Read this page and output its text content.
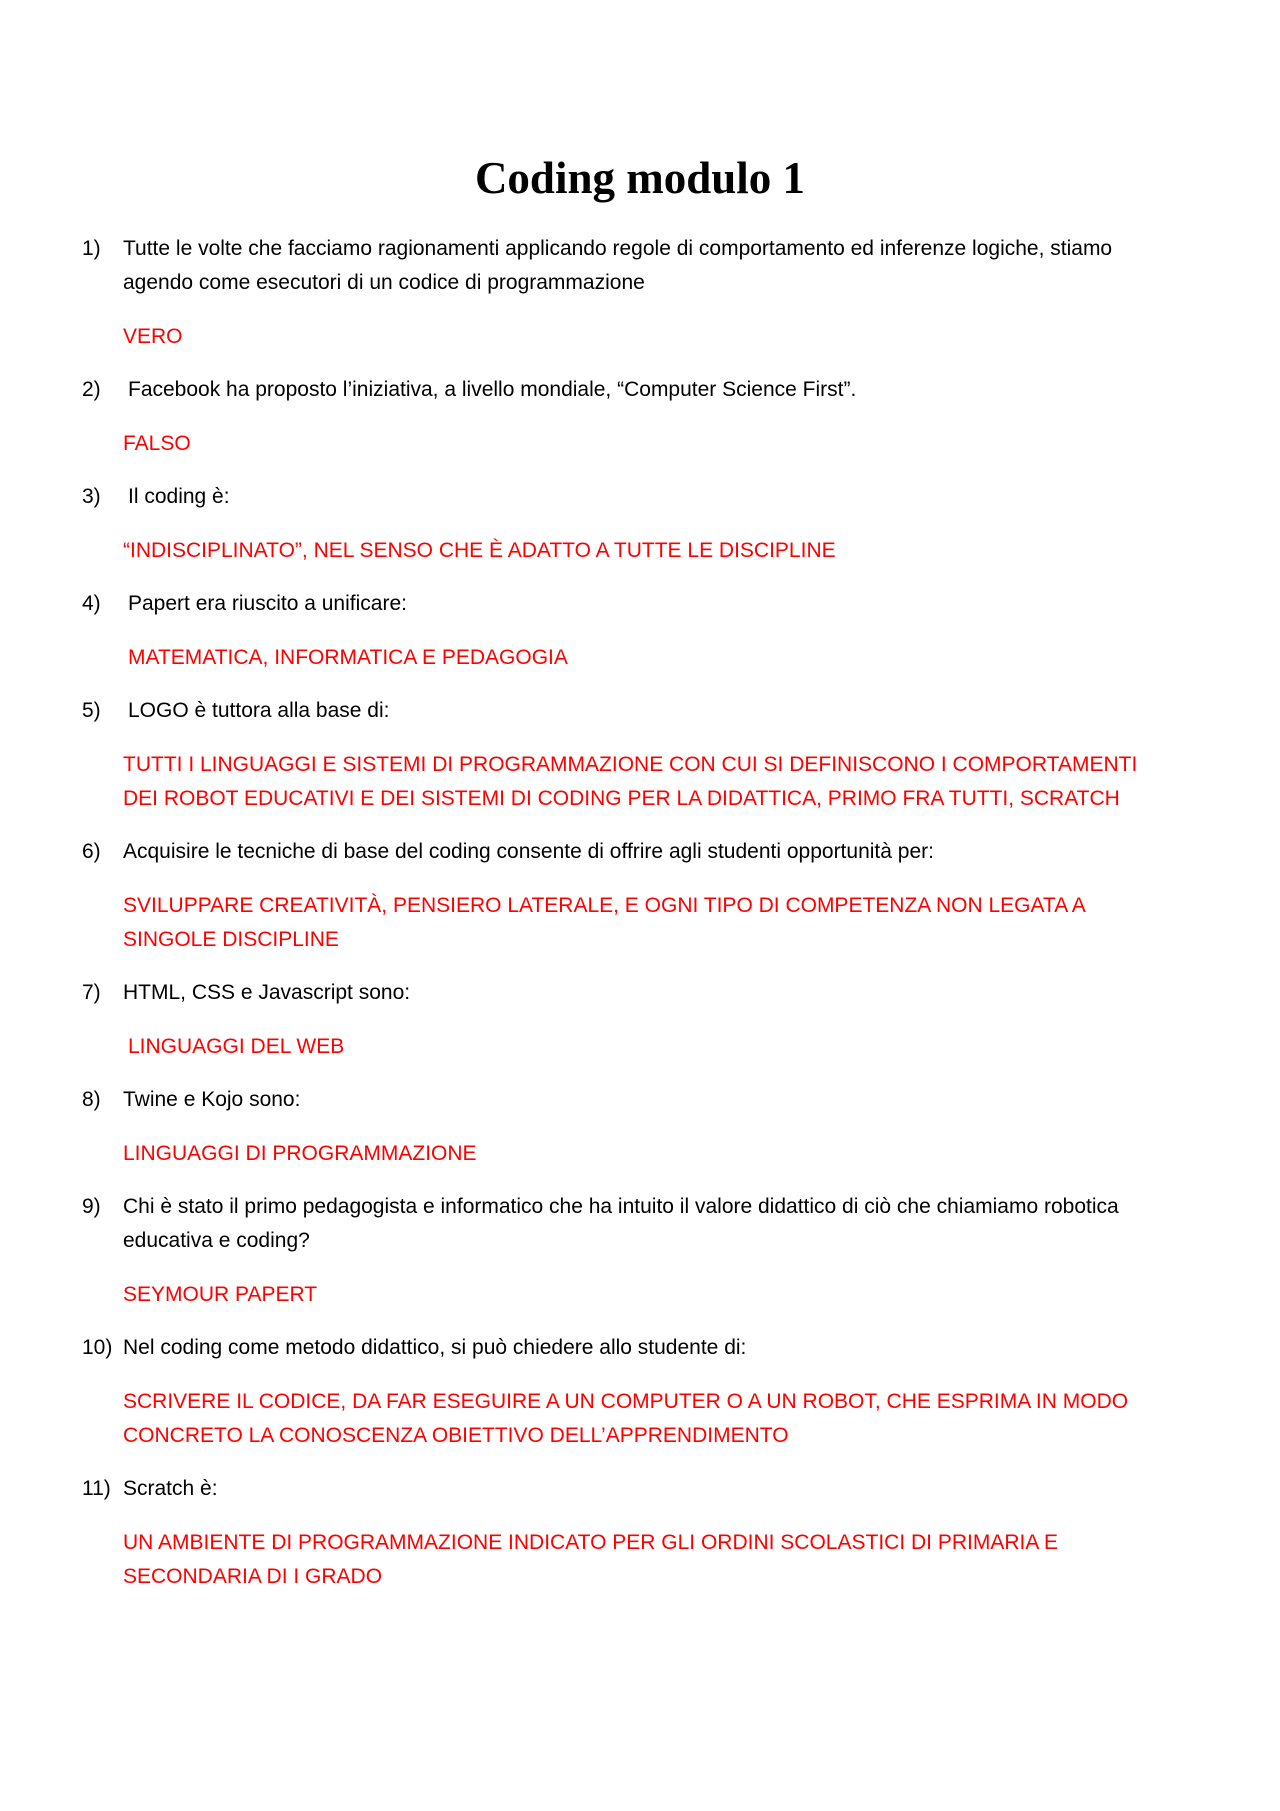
Coding modulo 1
1)	Tutte le volte che facciamo ragionamenti applicando regole di comportamento ed inferenze logiche, stiamo agendo come esecutori di un codice di programmazione

VERO

2)	Facebook ha proposto l’iniziativa, a livello mondiale, “Computer Science First”.

FALSO

3)	Il coding è:

“INDISCIPLINATO”, NEL SENSO CHE È ADATTO A TUTTE LE DISCIPLINE

4)	Papert era riuscito a unificare:

MATEMATICA, INFORMATICA E PEDAGOGIA

5)	LOGO è tuttora alla base di:

TUTTI I LINGUAGGI E SISTEMI DI PROGRAMMAZIONE CON CUI SI DEFINISCONO I COMPORTAMENTI DEI ROBOT EDUCATIVI E DEI SISTEMI DI CODING PER LA DIDATTICA, PRIMO FRA TUTTI, SCRATCH

6)	Acquisire le tecniche di base del coding consente di offrire agli studenti opportunità per:

SVILUPPARE CREATIVITÀ, PENSIERO LATERALE, E OGNI TIPO DI COMPETENZA NON LEGATA A SINGOLE DISCIPLINE

7)	HTML, CSS e Javascript sono:

LINGUAGGI DEL WEB

8)	Twine e Kojo sono:

LINGUAGGI DI PROGRAMMAZIONE

9)	Chi è stato il primo pedagogista e informatico che ha intuito il valore didattico di ciò che chiamiamo robotica educativa e coding?

SEYMOUR PAPERT

10) Nel coding come metodo didattico, si può chiedere allo studente di:

SCRIVERE IL CODICE, DA FAR ESEGUIRE A UN COMPUTER O A UN ROBOT, CHE ESPRIMA IN MODO CONCRETO LA CONOSCENZA OBIETTIVO DELL’APPRENDIMENTO

11) Scratch è:

UN AMBIENTE DI PROGRAMMAZIONE INDICATO PER GLI ORDINI SCOLASTICI DI PRIMARIA E SECONDARIA DI I GRADO
